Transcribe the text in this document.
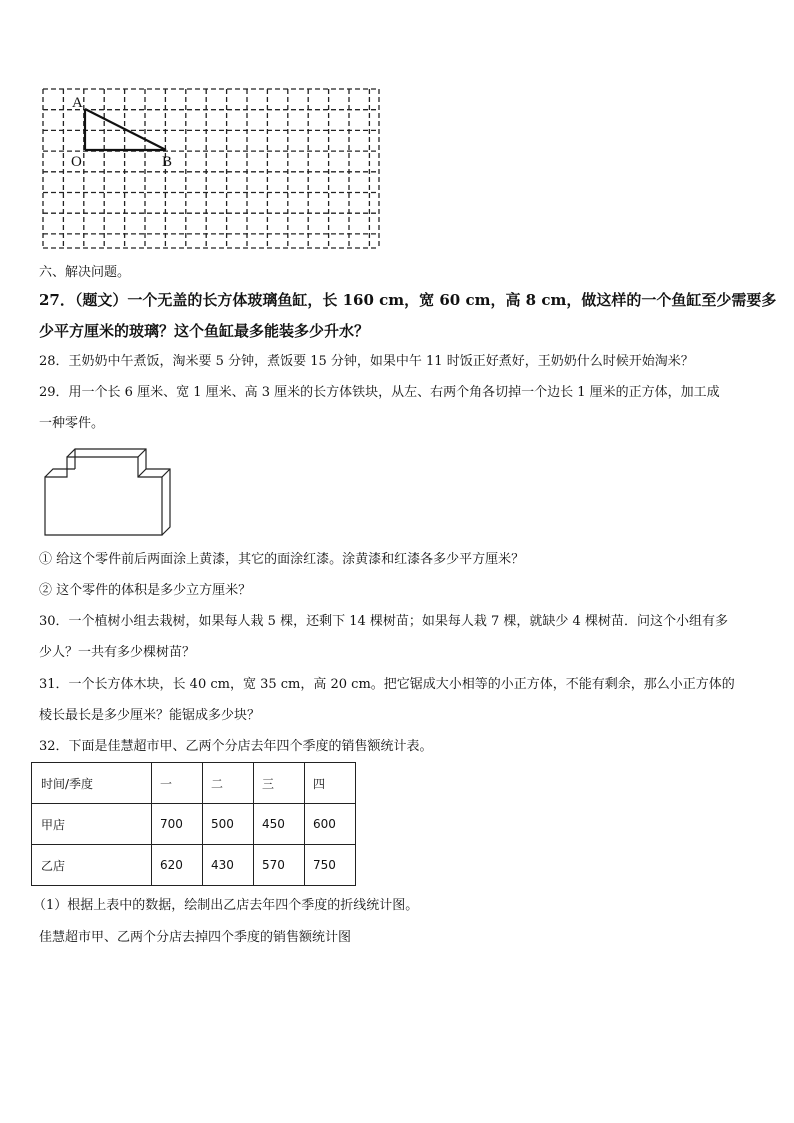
A
O	B
六、解决问题。
27．（题文）一个无盖的长方体玻璃鱼缸，长 160 cm，宽 60 cm，高 8 cm，做这样的一个鱼缸至少需要多
少平方厘米的玻璃？这个鱼缸最多能装多少升水？
28．王奶奶中午煮饭，淘米要 5 分钟，煮饭要 15 分钟，如果中午 11 时饭正好煮好，王奶奶什么时候开始淘米？
29．用一个长 6 厘米、宽 1 厘米、高 3 厘米的长方体铁块，从左、右两个角各切掉一个边长 1 厘米的正方体，加工成
一种零件。
① 给这个零件前后两面涂上黄漆，其它的面涂红漆。涂黄漆和红漆各多少平方厘米？
② 这个零件的体积是多少立方厘米？
30．一个植树小组去栽树，如果每人栽 5 棵，还剩下 14 棵树苗；如果每人栽 7 棵，就缺少 4 棵树苗．问这个小组有多
少人？一共有多少棵树苗？
31．一个长方体木块，长 40 cm，宽 35 cm，高 20 cm。把它锯成大小相等的小正方体，不能有剩余，那么小正方体的
棱长最长是多少厘米？能锯成多少块？
32．下面是佳慧超市甲、乙两个分店去年四个季度的销售额统计表。
时间/季度	一	二	三	四
甲店	700	500	450	600
乙店	620	430	570	750
（1）根据上表中的数据，绘制出乙店去年四个季度的折线统计图。
佳慧超市甲、乙两个分店去掉四个季度的销售额统计图
